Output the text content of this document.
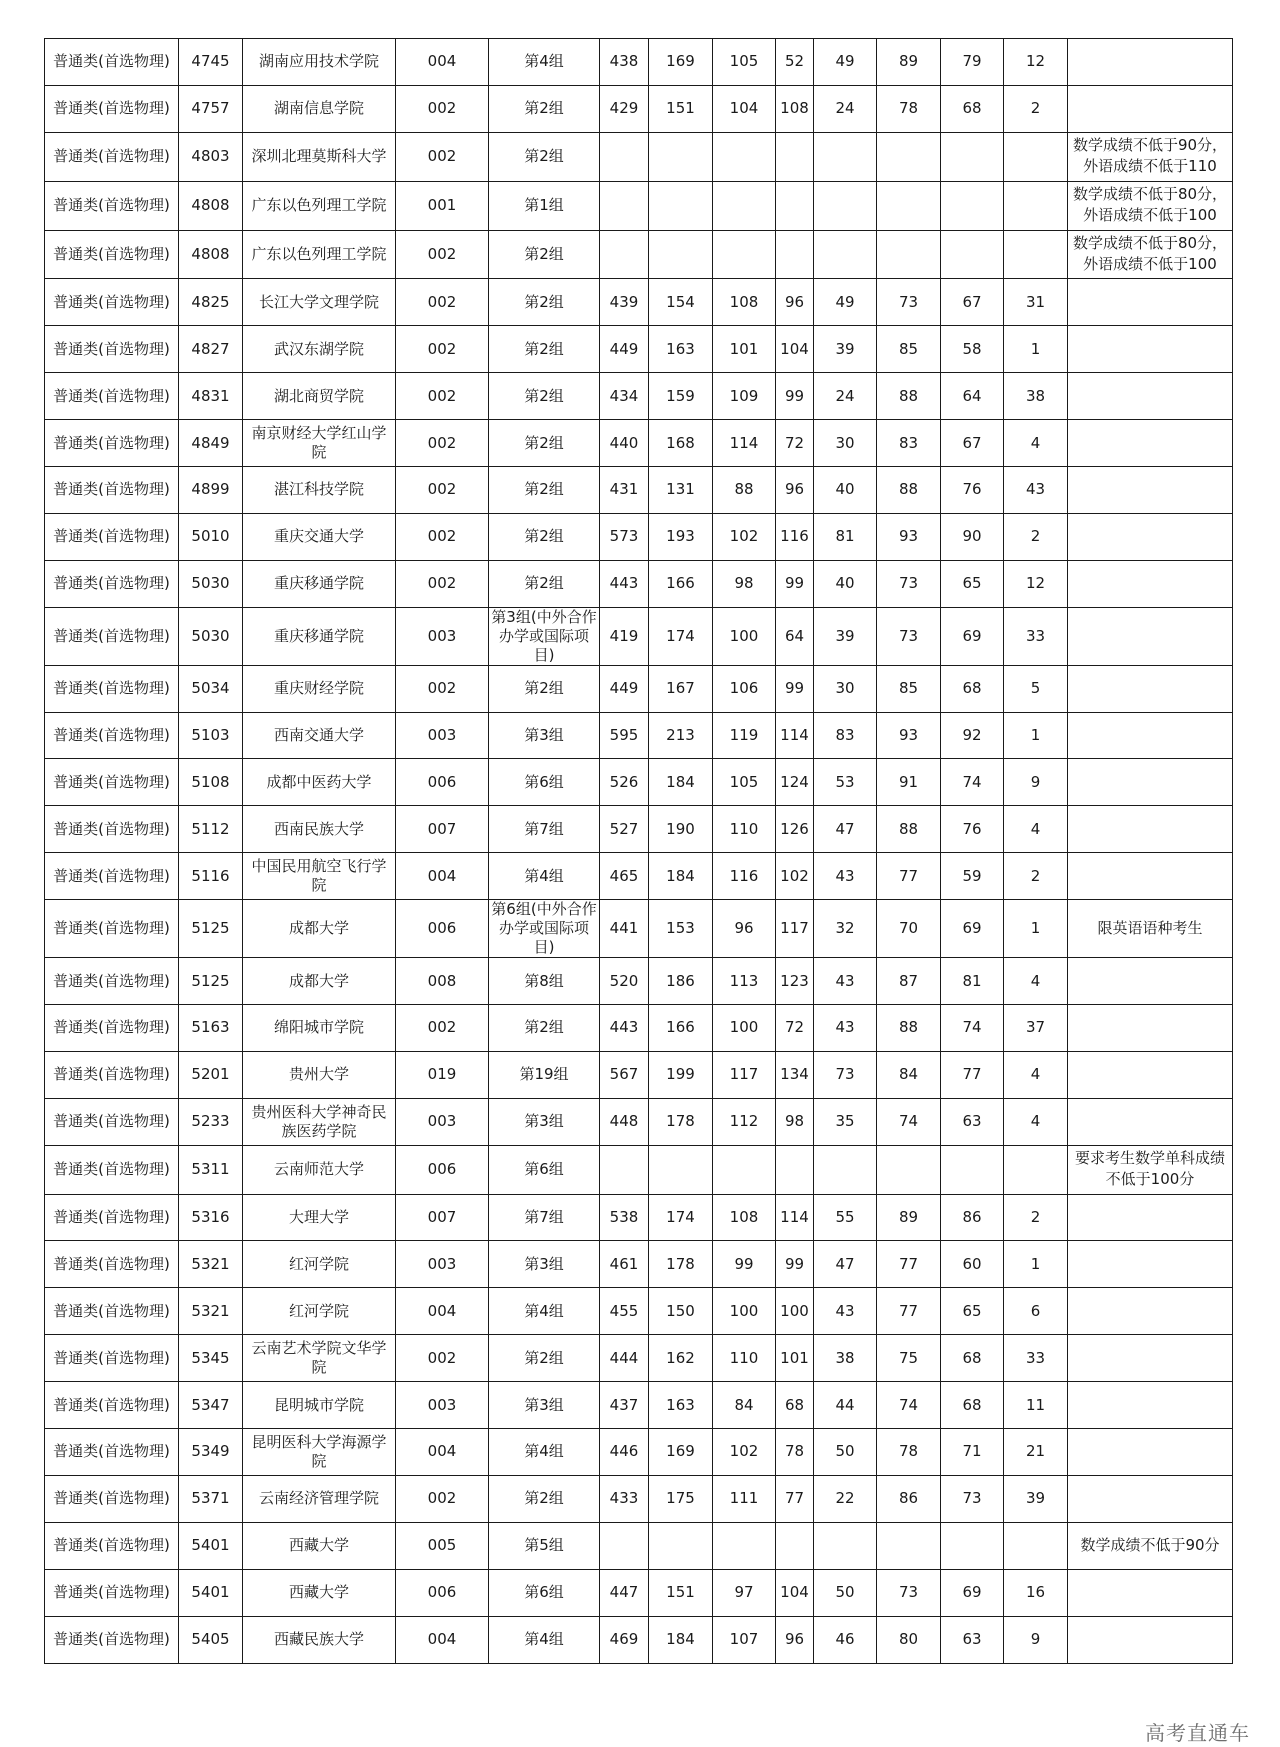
普通类(首选物理)	4745	湖南应用技术学院	004	第4组	438	169	105	52	49	89	79	12	

普通类(首选物理)	4757	湖南信息学院	002	第2组	429	151	104	108	24	78	68	2	

普通类(首选物理)	4803	深圳北理莫斯科大学	002	第2组									数学成绩不低于90分，外语成绩不低于110

普通类(首选物理)	4808	广东以色列理工学院	001	第1组									数学成绩不低于80分，外语成绩不低于100

普通类(首选物理)	4808	广东以色列理工学院	002	第2组									数学成绩不低于80分，外语成绩不低于100

普通类(首选物理)	4825	长江大学文理学院	002	第2组	439	154	108	96	49	73	67	31	

普通类(首选物理)	4827	武汉东湖学院	002	第2组	449	163	101	104	39	85	58	1	

普通类(首选物理)	4831	湖北商贸学院	002	第2组	434	159	109	99	24	88	64	38	

普通类(首选物理)	4849	南京财经大学红山学院	002	第2组	440	168	114	72	30	83	67	4	

普通类(首选物理)	4899	湛江科技学院	002	第2组	431	131	88	96	40	88	76	43	

普通类(首选物理)	5010	重庆交通大学	002	第2组	573	193	102	116	81	93	90	2	

普通类(首选物理)	5030	重庆移通学院	002	第2组	443	166	98	99	40	73	65	12	

普通类(首选物理)	5030	重庆移通学院	003	第3组(中外合作办学或国际项目)	419	174	100	64	39	73	69	33	

普通类(首选物理)	5034	重庆财经学院	002	第2组	449	167	106	99	30	85	68	5	

普通类(首选物理)	5103	西南交通大学	003	第3组	595	213	119	114	83	93	92	1	

普通类(首选物理)	5108	成都中医药大学	006	第6组	526	184	105	124	53	91	74	9	

普通类(首选物理)	5112	西南民族大学	007	第7组	527	190	110	126	47	88	76	4	

普通类(首选物理)	5116	中国民用航空飞行学院	004	第4组	465	184	116	102	43	77	59	2	

普通类(首选物理)	5125	成都大学	006	第6组(中外合作办学或国际项目)	441	153	96	117	32	70	69	1	限英语语种考生

普通类(首选物理)	5125	成都大学	008	第8组	520	186	113	123	43	87	81	4	

普通类(首选物理)	5163	绵阳城市学院	002	第2组	443	166	100	72	43	88	74	37	

普通类(首选物理)	5201	贵州大学	019	第19组	567	199	117	134	73	84	77	4	

普通类(首选物理)	5233	贵州医科大学神奇民族医药学院	003	第3组	448	178	112	98	35	74	63	4	

普通类(首选物理)	5311	云南师范大学	006	第6组									要求考生数学单科成绩不低于100分

普通类(首选物理)	5316	大理大学	007	第7组	538	174	108	114	55	89	86	2	

普通类(首选物理)	5321	红河学院	003	第3组	461	178	99	99	47	77	60	1	

普通类(首选物理)	5321	红河学院	004	第4组	455	150	100	100	43	77	65	6	

普通类(首选物理)	5345	云南艺术学院文华学院	002	第2组	444	162	110	101	38	75	68	33	

普通类(首选物理)	5347	昆明城市学院	003	第3组	437	163	84	68	44	74	68	11	

普通类(首选物理)	5349	昆明医科大学海源学院	004	第4组	446	169	102	78	50	78	71	21	

普通类(首选物理)	5371	云南经济管理学院	002	第2组	433	175	111	77	22	86	73	39	

普通类(首选物理)	5401	西藏大学	005	第5组									数学成绩不低于90分

普通类(首选物理)	5401	西藏大学	006	第6组	447	151	97	104	50	73	69	16	

普通类(首选物理)	5405	西藏民族大学	004	第4组	469	184	107	96	46	80	63	9	
高考直通车
